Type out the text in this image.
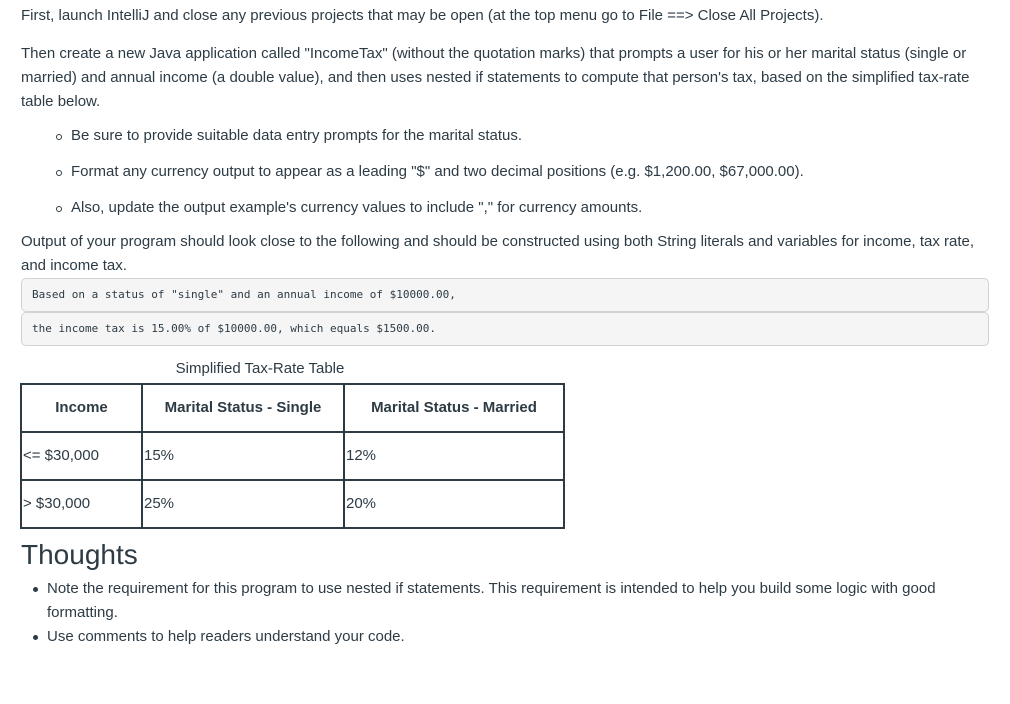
First, launch IntelliJ and close any previous projects that may be open (at the top menu go to File ==> Close All Projects).

Then create a new Java application called "IncomeTax" (without the quotation marks) that prompts a user for his or her marital status (single or married) and annual income (a double value), and then uses nested if statements to compute that person's tax, based on the simplified tax-rate table below.

Be sure to provide suitable data entry prompts for the marital status.
Format any currency output to appear as a leading "$" and two decimal positions (e.g. $1,200.00, $67,000.00).
Also, update the output example's currency values to include "," for currency amounts.

Output of your program should look close to the following and should be constructed using both String literals and variables for income, tax rate, and income tax.

Based on a status of "single" and an annual income of $10000.00,
the income tax is 15.00% of $10000.00, which equals $1500.00.
Simplified Tax-Rate Table
Income	Marital Status - Single	Marital Status - Married
<= $30,000	15%	12%
> $30,000	25%	20%
Thoughts
Note the requirement for this program to use nested if statements. This requirement is intended to help you build some logic with good formatting.
Use comments to help readers understand your code.
